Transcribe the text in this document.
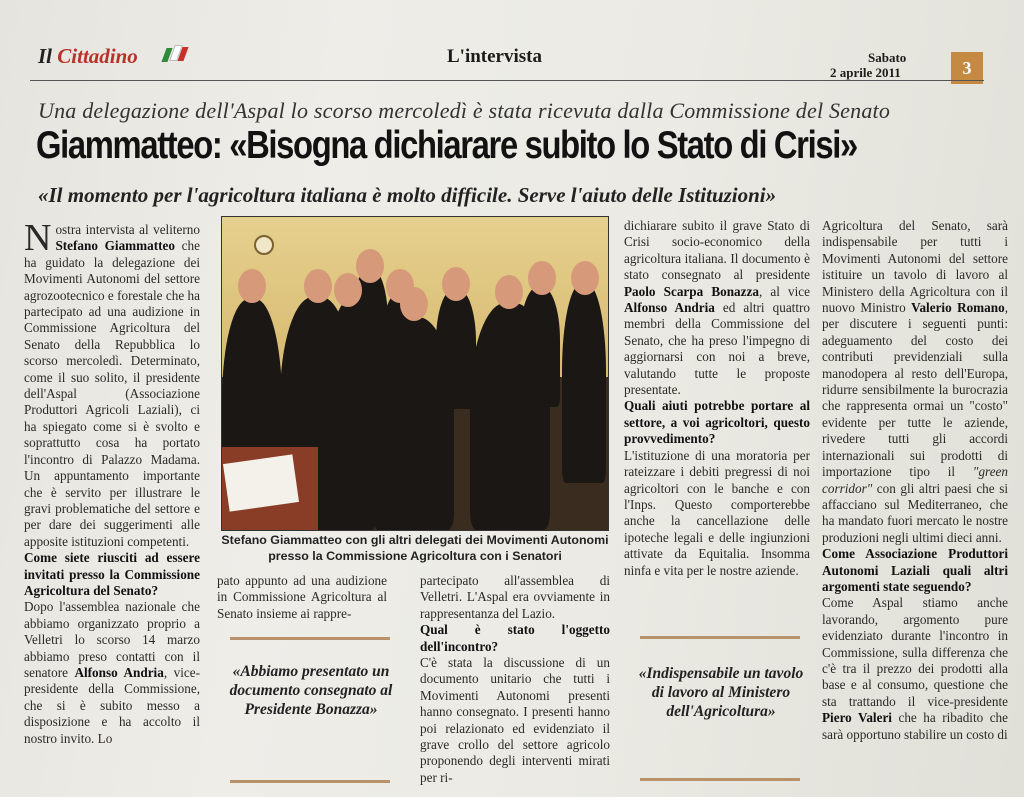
Il Cittadino	L'intervista	Sabato
2 aprile 2011	3
Una delegazione dell'Aspal lo scorso mercoledì è stata ricevuta dalla Commissione del Senato
Giammatteo: «Bisogna dichiarare subito lo Stato di Crisi»
«Il momento per l'agricoltura italiana è molto difficile. Serve l'aiuto delle Istituzioni»

Nostra intervista al veliterno Stefano Giammatteo che ha guidato la delegazione dei Movimenti Autonomi del settore agrozootecnico e forestale che ha partecipato ad una audizione in Commissione Agricoltura del Senato della Repubblica lo scorso mercoledì. Determinato, come il suo solito, il presidente dell'Aspal (Associazione Produttori Agricoli Laziali), ci ha spiegato come si è svolto e soprattutto cosa ha portato l'incontro di Palazzo Madama. Un appuntamento importante che è servito per illustrare le gravi problematiche del settore e per dare dei suggerimenti alle apposite istituzioni competenti.

Come siete riusciti ad essere invitati presso la Commissione Agricoltura del Senato?

Dopo l'assemblea nazionale che abbiamo organizzato proprio a Velletri lo scorso 14 marzo abbiamo preso contatti con il senatore Alfonso Andria, vice-presidente della Commissione, che si è subito messo a disposizione e ha accolto il nostro invito. Lo

Stefano Giammatteo con gli altri delegati dei Movimenti Autonomi presso la Commissione Agricoltura con i Senatori

pato appunto ad una audizione in Commissione Agricoltura al Senato insieme ai rappre-

«Abbiamo presentato un documento consegnato al Presidente Bonazza»

partecipato all'assemblea di Velletri. L'Aspal era ovviamente in rappresentanza del Lazio.

Qual è stato l'oggetto dell'incontro?

C'è stata la discussione di un documento unitario che tutti i Movimenti Autonomi presenti hanno consegnato. I presenti hanno poi relazionato ed evidenziato il grave crollo del settore agricolo proponendo degli interventi mirati per ri-

dichiarare subito il grave Stato di Crisi socio-economico della agricoltura italiana. Il documento è stato consegnato al presidente Paolo Scarpa Bonazza, al vice Alfonso Andria ed altri quattro membri della Commissione del Senato, che ha preso l'impegno di aggiornarsi con noi a breve, valutando tutte le proposte presentate.

Quali aiuti potrebbe portare al settore, a voi agricoltori, questo provvedimento?

L'istituzione di una moratoria per rateizzare i debiti pregressi di noi agricoltori con le banche e con l'Inps. Questo comporterebbe anche la cancellazione delle ipoteche legali e delle ingiunzioni attivate da Equitalia. Insomma ninfa e vita per le nostre aziende.

«Indispensabile un tavolo di lavoro al Ministero dell'Agricoltura»

Agricoltura del Senato, sarà indispensabile per tutti i Movimenti Autonomi del settore istituire un tavolo di lavoro al Ministero della Agricoltura con il nuovo Ministro Valerio Romano, per discutere i seguenti punti: adeguamento del costo dei contributi previdenziali sulla manodopera al resto dell'Europa, ridurre sensibilmente la burocrazia che rappresenta ormai un "costo" evidente per tutte le aziende, rivedere tutti gli accordi internazionali sui prodotti di importazione tipo il "green corridor" con gli altri paesi che si affacciano sul Mediterraneo, che ha mandato fuori mercato le nostre produzioni negli ultimi dieci anni.

Come Associazione Produttori Autonomi Laziali quali altri argomenti state seguendo?

Come Aspal stiamo anche lavorando, argomento pure evidenziato durante l'incontro in Commissione, sulla differenza che c'è tra il prezzo dei prodotti alla base e al consumo, questione che sta trattando il vice-presidente Piero Valeri che ha ribadito che sarà opportuno stabilire un costo di
